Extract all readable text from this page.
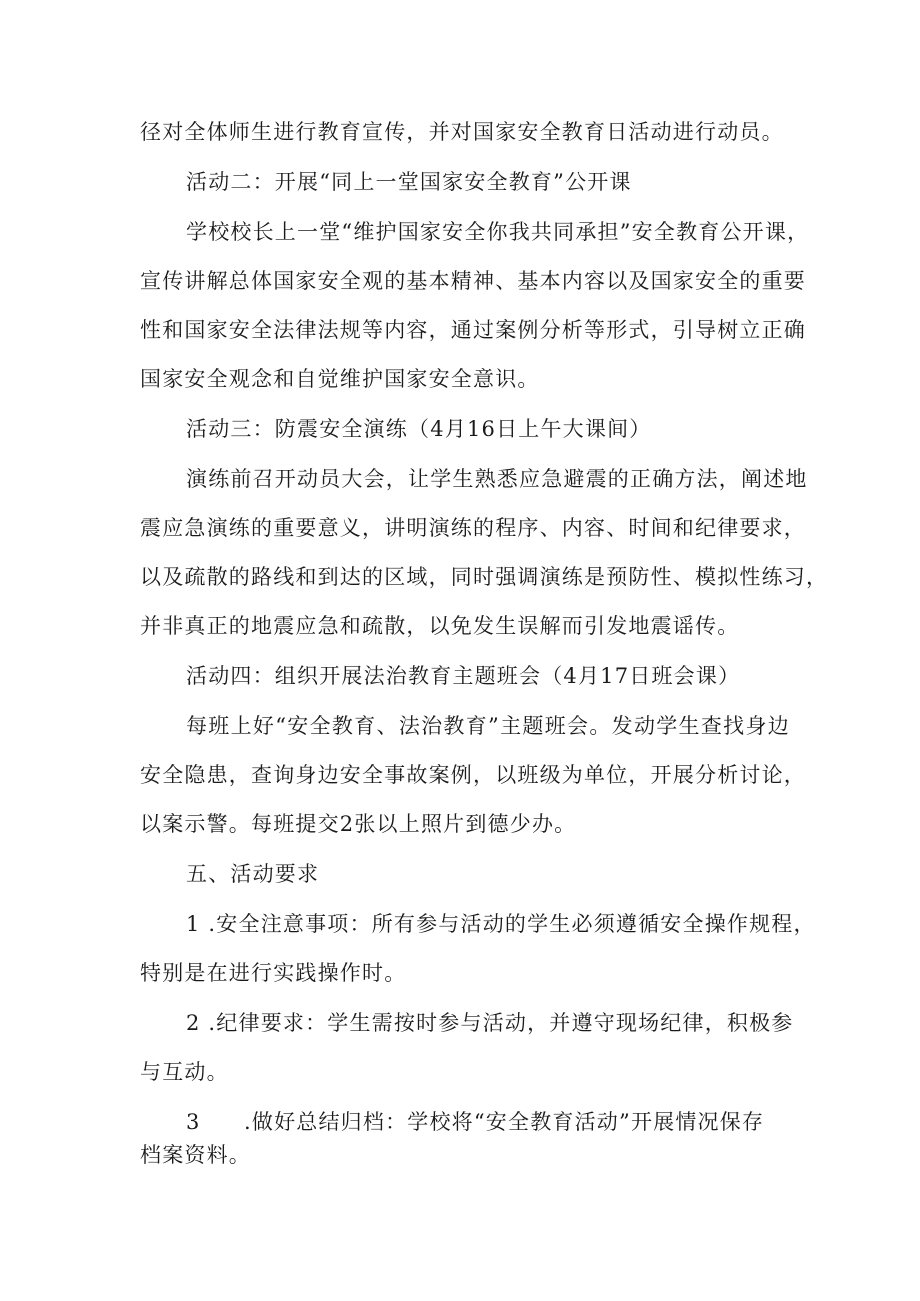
径对全体师生进行教育宣传，并对国家安全教育日活动进行动员。

活动二：开展“同上一堂国家安全教育”公开课

学校校长上一堂“维护国家安全你我共同承担”安全教育公开课，

宣传讲解总体国家安全观的基本精神、基本内容以及国家安全的重要

性和国家安全法律法规等内容，通过案例分析等形式，引导树立正确

国家安全观念和自觉维护国家安全意识。

活动三：防震安全演练（4月16日上午大课间）

演练前召开动员大会，让学生熟悉应急避震的正确方法，阐述地

震应急演练的重要意义，讲明演练的程序、内容、时间和纪律要求，

以及疏散的路线和到达的区域，同时强调演练是预防性、模拟性练习，

并非真正的地震应急和疏散，以免发生误解而引发地震谣传。

活动四：组织开展法治教育主题班会（4月17日班会课）

每班上好“安全教育、法治教育”主题班会。发动学生查找身边

安全隐患，查询身边安全事故案例，以班级为单位，开展分析讨论，

以案示警。每班提交2张以上照片到德少办。

五、活动要求

1 .安全注意事项：所有参与活动的学生必须遵循安全操作规程，

特别是在进行实践操作时。

2 .纪律要求：学生需按时参与活动，并遵守现场纪律，积极参

与互动。

3 .做好总结归档：学校将“安全教育活动”开展情况保存

档案资料。
